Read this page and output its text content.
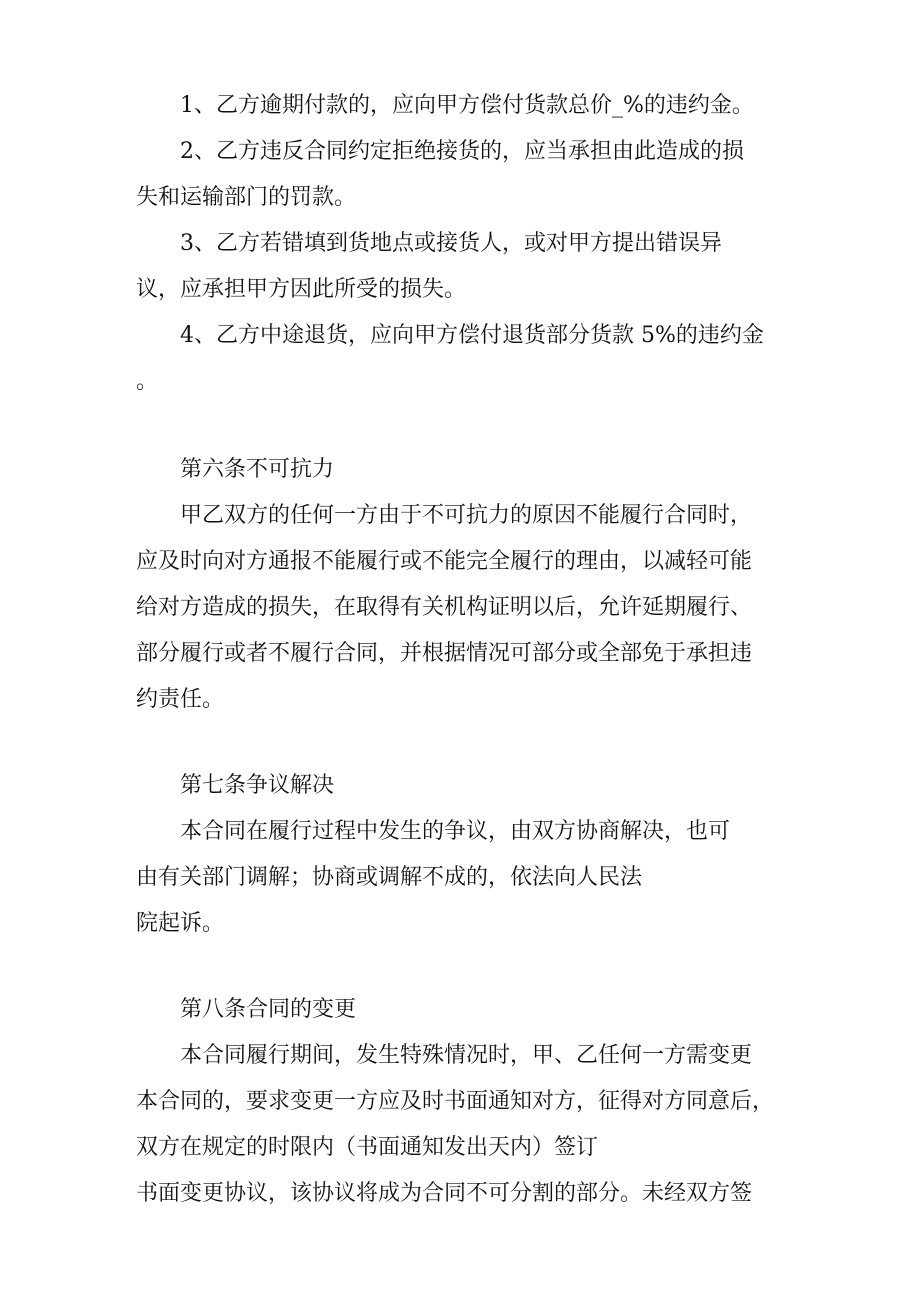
1、乙方逾期付款的，应向甲方偿付货款总价_%的违约金。

2、乙方违反合同约定拒绝接货的，应当承担由此造成的损

失和运输部门的罚款。

3、乙方若错填到货地点或接货人，或对甲方提出错误异

议，应承担甲方因此所受的损失。

4、乙方中途退货，应向甲方偿付退货部分货款 5%的违约金

。

第六条不可抗力

甲乙双方的任何一方由于不可抗力的原因不能履行合同时，

应及时向对方通报不能履行或不能完全履行的理由，以减轻可能

给对方造成的损失，在取得有关机构证明以后，允许延期履行、

部分履行或者不履行合同，并根据情况可部分或全部免于承担违

约责任。

第七条争议解决

本合同在履行过程中发生的争议，由双方协商解决，也可

由有关部门调解；协商或调解不成的，依法向人民法

院起诉。

第八条合同的变更

本合同履行期间，发生特殊情况时，甲、乙任何一方需变更

本合同的，要求变更一方应及时书面通知对方，征得对方同意后，

双方在规定的时限内（书面通知发出天内）签订

书面变更协议，该协议将成为合同不可分割的部分。未经双方签
